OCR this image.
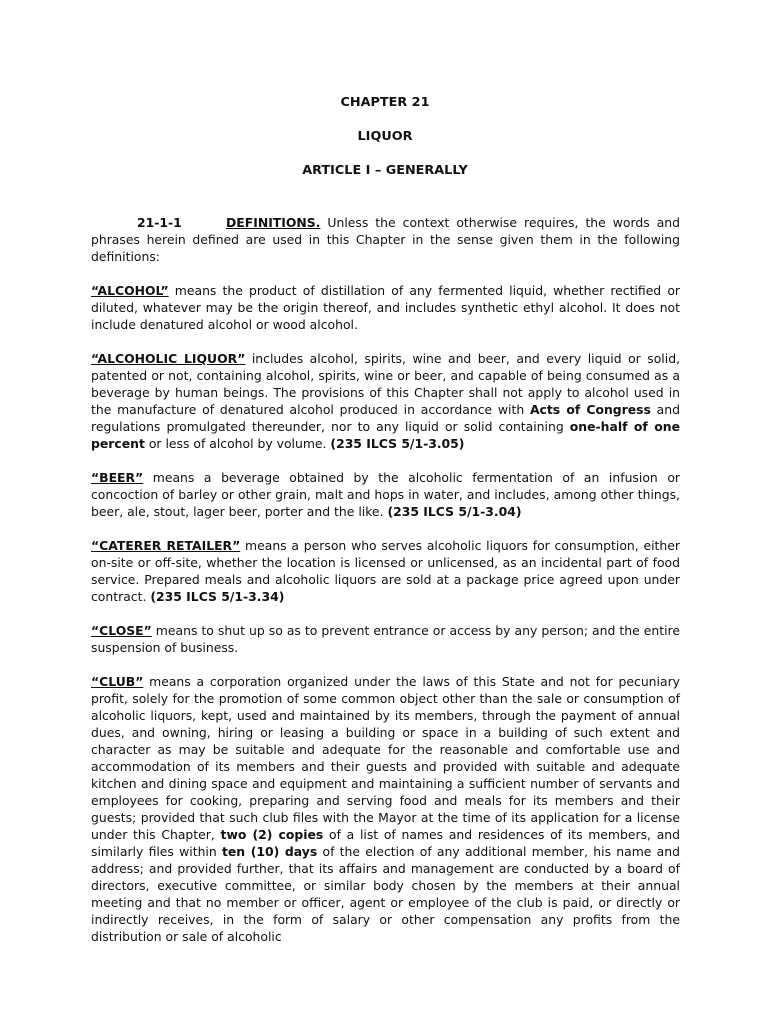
CHAPTER 21
LIQUOR
ARTICLE I – GENERALLY

21-1-1	DEFINITIONS. Unless the context otherwise requires, the words and phrases herein defined are used in this Chapter in the sense given them in the following definitions:

“ALCOHOL” means the product of distillation of any fermented liquid, whether rectified or diluted, whatever may be the origin thereof, and includes synthetic ethyl alcohol. It does not include denatured alcohol or wood alcohol.

“ALCOHOLIC LIQUOR” includes alcohol, spirits, wine and beer, and every liquid or solid, patented or not, containing alcohol, spirits, wine or beer, and capable of being consumed as a beverage by human beings. The provisions of this Chapter shall not apply to alcohol used in the manufacture of denatured alcohol produced in accordance with Acts of Congress and regulations promulgated thereunder, nor to any liquid or solid containing one-half of one percent or less of alcohol by volume. (235 ILCS 5/1-3.05)

“BEER” means a beverage obtained by the alcoholic fermentation of an infusion or concoction of barley or other grain, malt and hops in water, and includes, among other things, beer, ale, stout, lager beer, porter and the like. (235 ILCS 5/1-3.04)

“CATERER RETAILER” means a person who serves alcoholic liquors for consumption, either on-site or off-site, whether the location is licensed or unlicensed, as an incidental part of food service. Prepared meals and alcoholic liquors are sold at a package price agreed upon under contract. (235 ILCS 5/1-3.34)

“CLOSE” means to shut up so as to prevent entrance or access by any person; and the entire suspension of business.

“CLUB” means a corporation organized under the laws of this State and not for pecuniary profit, solely for the promotion of some common object other than the sale or consumption of alcoholic liquors, kept, used and maintained by its members, through the payment of annual dues, and owning, hiring or leasing a building or space in a building of such extent and character as may be suitable and adequate for the reasonable and comfortable use and accommodation of its members and their guests and provided with suitable and adequate kitchen and dining space and equipment and maintaining a sufficient number of servants and employees for cooking, preparing and serving food and meals for its members and their guests; provided that such club files with the Mayor at the time of its application for a license under this Chapter, two (2) copies of a list of names and residences of its members, and similarly files within ten (10) days of the election of any additional member, his name and address; and provided further, that its affairs and management are conducted by a board of directors, executive committee, or similar body chosen by the members at their annual meeting and that no member or officer, agent or employee of the club is paid, or directly or indirectly receives, in the form of salary or other compensation any profits from the distribution or sale of alcoholic
